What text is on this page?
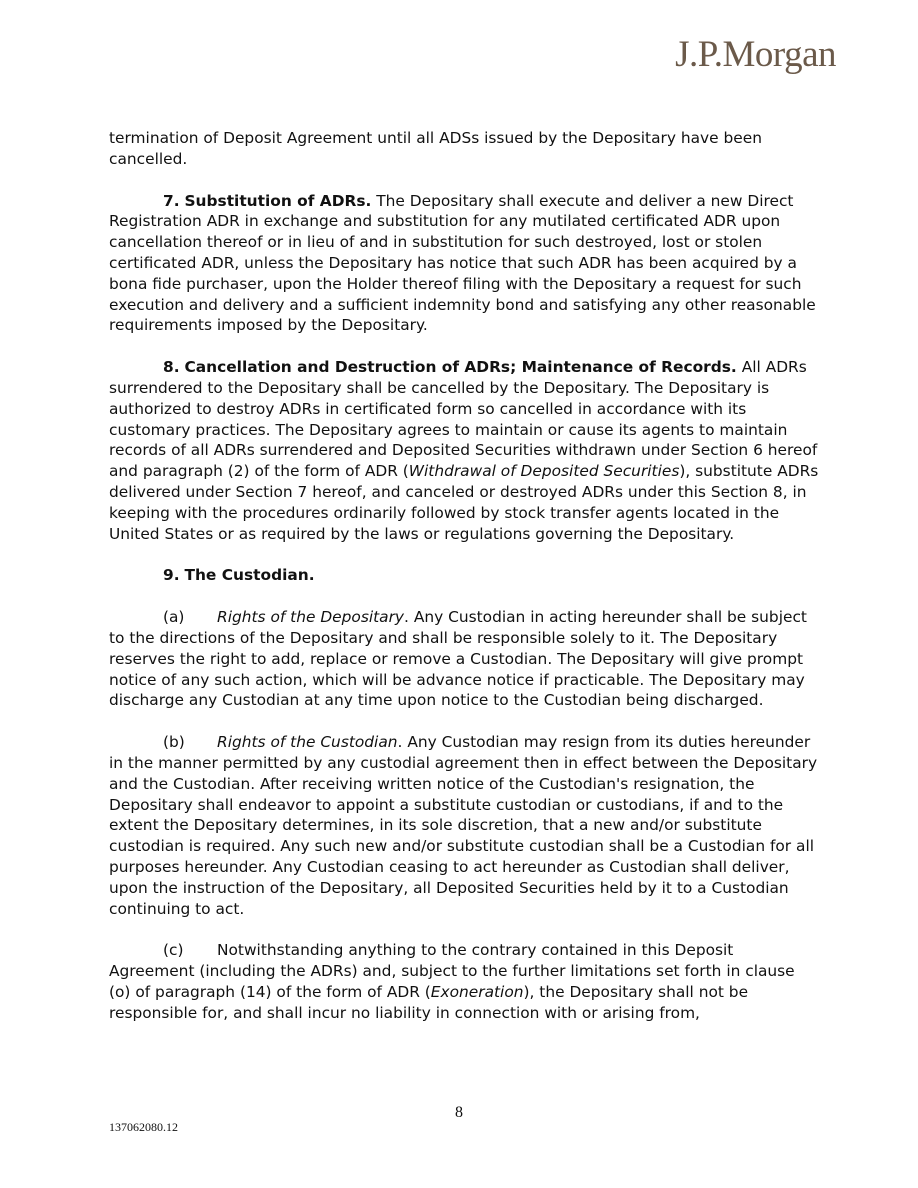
J.P.Morgan

termination of Deposit Agreement until all ADSs issued by the Depositary have been cancelled.

7. Substitution of ADRs. The Depositary shall execute and deliver a new Direct Registration ADR in exchange and substitution for any mutilated certificated ADR upon cancellation thereof or in lieu of and in substitution for such destroyed, lost or stolen certificated ADR, unless the Depositary has notice that such ADR has been acquired by a bona fide purchaser, upon the Holder thereof filing with the Depositary a request for such execution and delivery and a sufficient indemnity bond and satisfying any other reasonable requirements imposed by the Depositary.

8. Cancellation and Destruction of ADRs; Maintenance of Records. All ADRs surrendered to the Depositary shall be cancelled by the Depositary. The Depositary is authorized to destroy ADRs in certificated form so cancelled in accordance with its customary practices. The Depositary agrees to maintain or cause its agents to maintain records of all ADRs surrendered and Deposited Securities withdrawn under Section 6 hereof and paragraph (2) of the form of ADR (Withdrawal of Deposited Securities), substitute ADRs delivered under Section 7 hereof, and canceled or destroyed ADRs under this Section 8, in keeping with the procedures ordinarily followed by stock transfer agents located in the United States or as required by the laws or regulations governing the Depositary.

9. The Custodian.

(a) Rights of the Depositary. Any Custodian in acting hereunder shall be subject to the directions of the Depositary and shall be responsible solely to it. The Depositary reserves the right to add, replace or remove a Custodian. The Depositary will give prompt notice of any such action, which will be advance notice if practicable. The Depositary may discharge any Custodian at any time upon notice to the Custodian being discharged.

(b) Rights of the Custodian. Any Custodian may resign from its duties hereunder in the manner permitted by any custodial agreement then in effect between the Depositary and the Custodian. After receiving written notice of the Custodian's resignation, the Depositary shall endeavor to appoint a substitute custodian or custodians, if and to the extent the Depositary determines, in its sole discretion, that a new and/or substitute custodian is required. Any such new and/or substitute custodian shall be a Custodian for all purposes hereunder. Any Custodian ceasing to act hereunder as Custodian shall deliver, upon the instruction of the Depositary, all Deposited Securities held by it to a Custodian continuing to act.

(c) Notwithstanding anything to the contrary contained in this Deposit Agreement (including the ADRs) and, subject to the further limitations set forth in clause (o) of paragraph (14) of the form of ADR (Exoneration), the Depositary shall not be responsible for, and shall incur no liability in connection with or arising from,

8
137062080.12
